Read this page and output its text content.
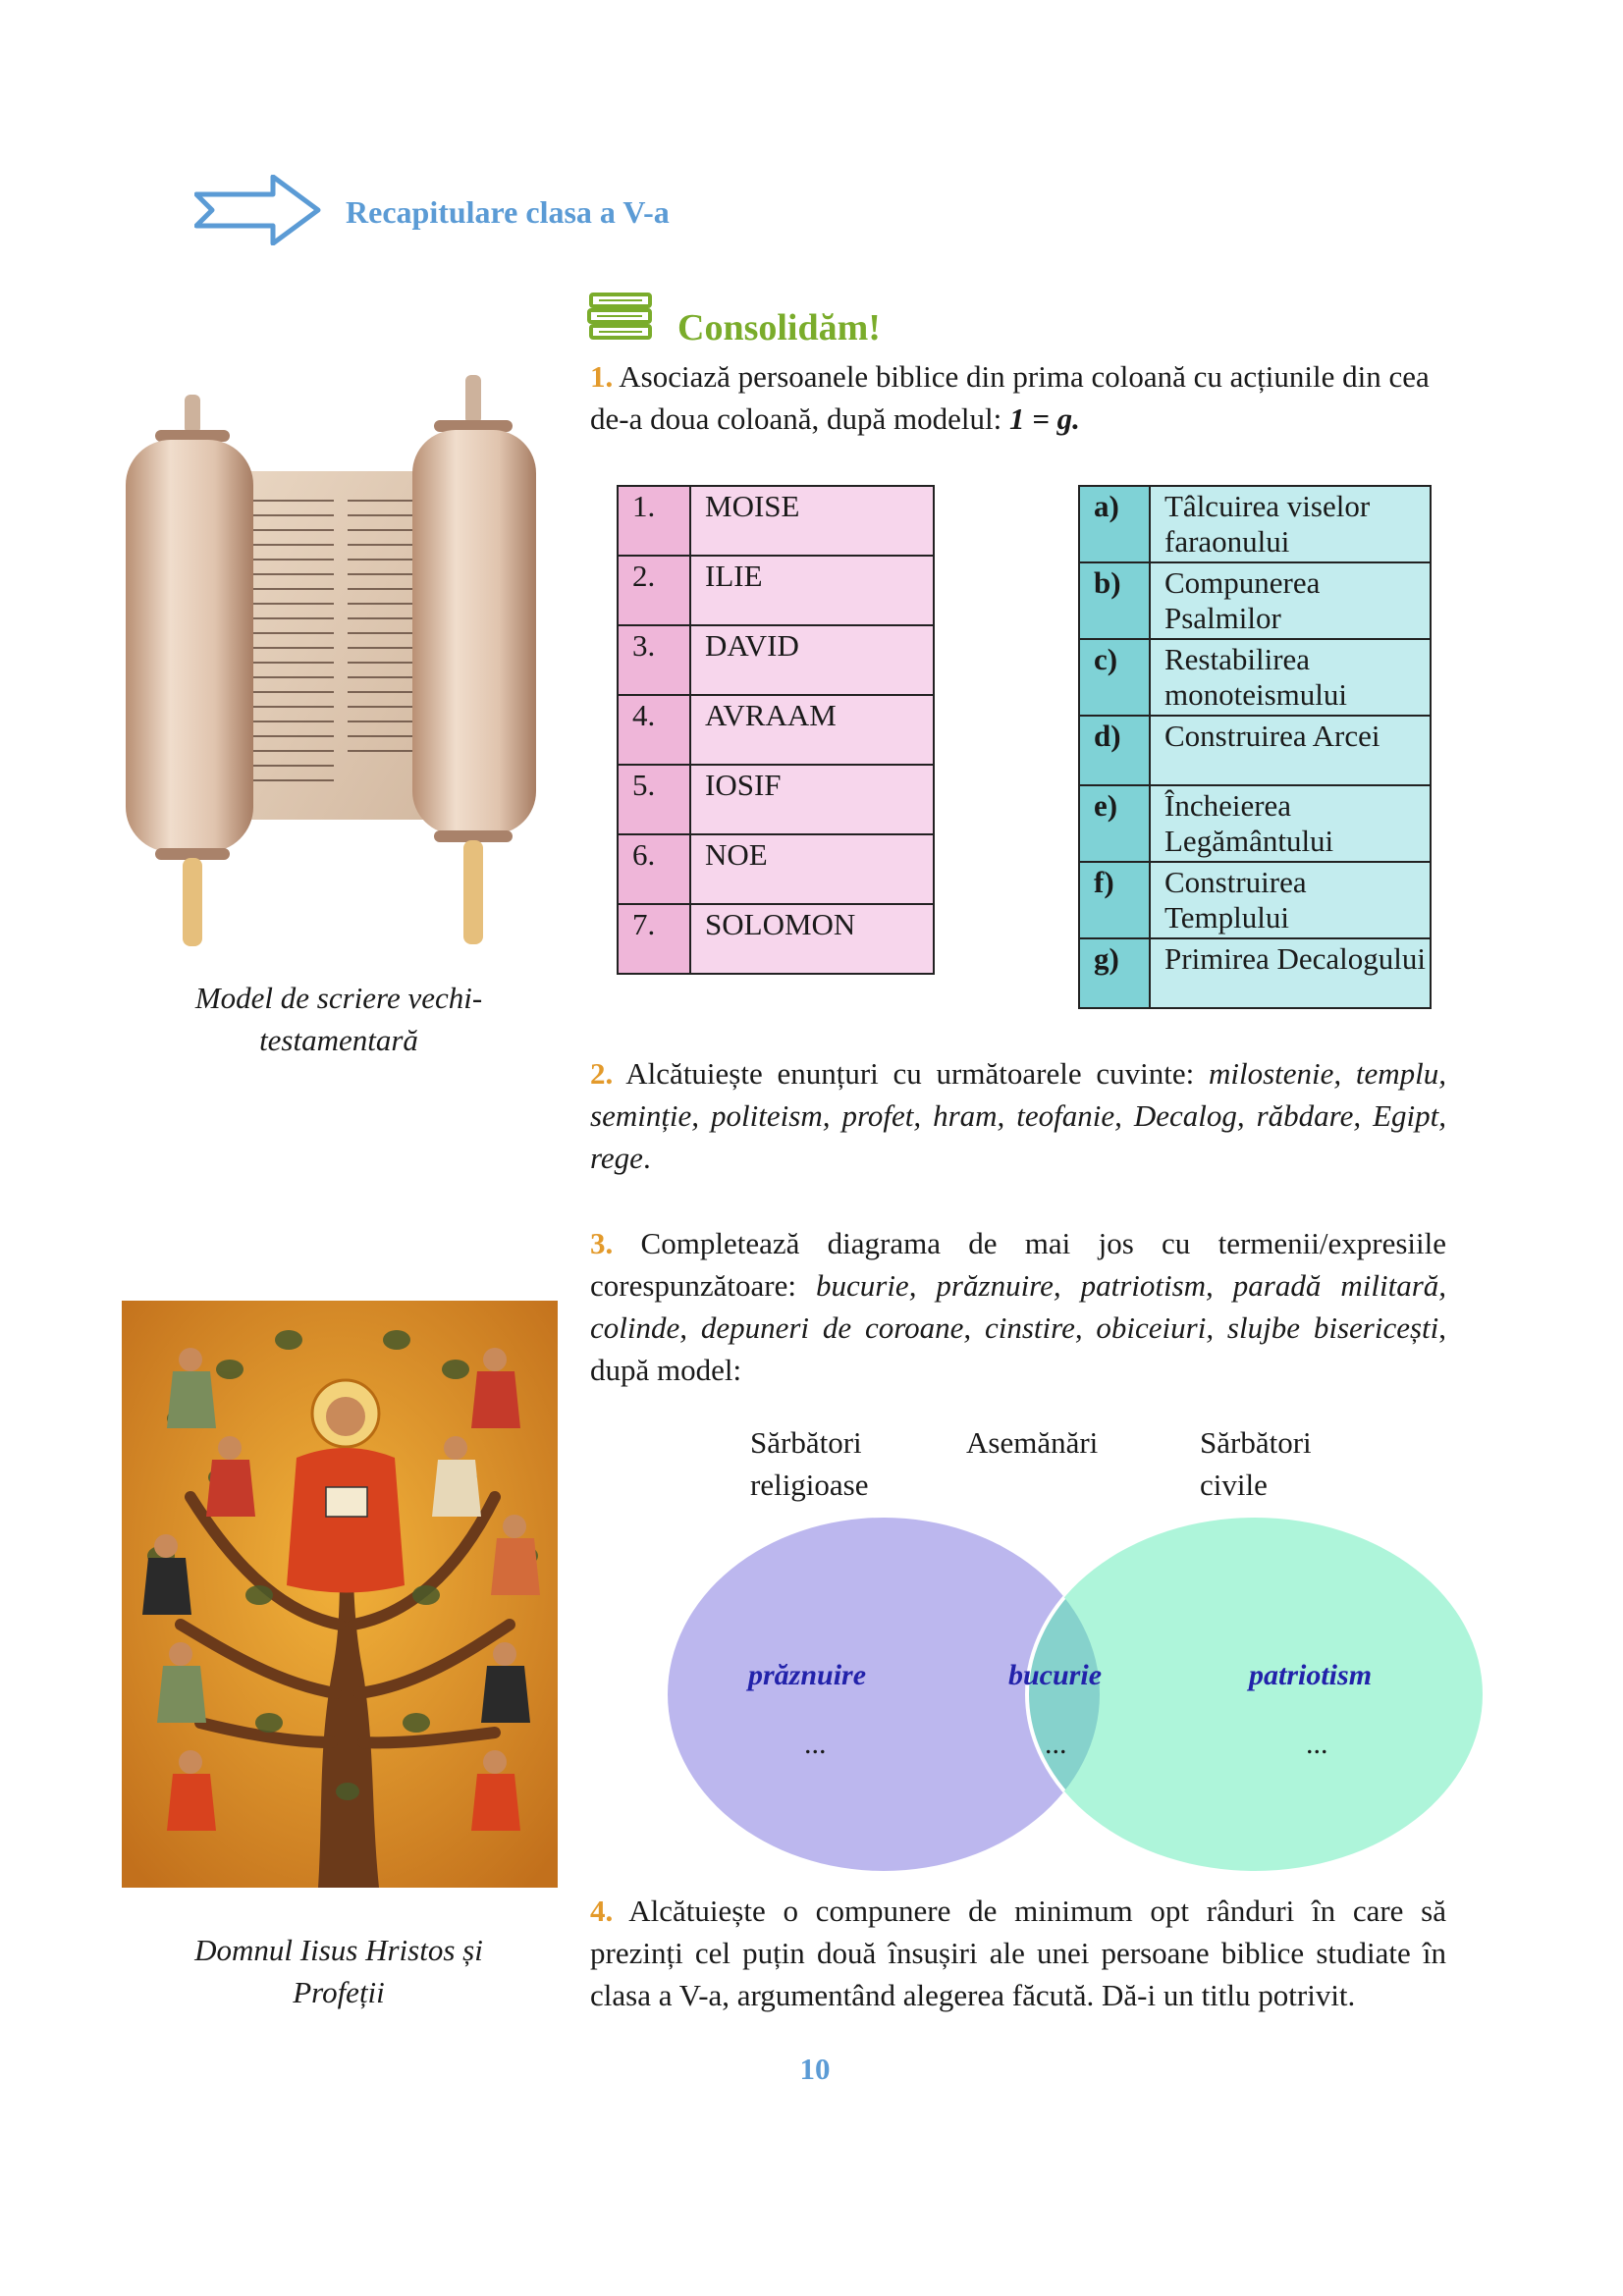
Recapitulare clasa a V-a
Model de scriere vechi-testamentară
Domnul Iisus Hristos și Profeții
Consolidăm!
1. Asociază persoanele biblice din prima coloană cu acțiunile din cea de-a doua coloană, după modelul: 1 = g.
1.	MOISE
2.	ILIE
3.	DAVID
4.	AVRAAM
5.	IOSIF
6.	NOE
7.	SOLOMON
a)	Tâlcuirea viselor faraonului
b)	Compunerea Psalmilor
c)	Restabilirea monoteismului
d)	Construirea Arcei
e)	Încheierea Legământului
f)	Construirea Templului
g)	Primirea Decalogului
2. Alcătuiește enunțuri cu următoarele cuvinte: milostenie, templu, seminție, politeism, profet, hram, teofanie, Decalog, răbdare, Egipt, rege.
3. Completează diagrama de mai jos cu termenii/expresiile corespunzătoare: bucurie, prăznuire, patriotism, paradă militară, colinde, depuneri de coroane, cinstire, obiceiuri, slujbe bisericești, după model:
Sărbători religioase
Asemănări	Sărbători civile
prăznuire	bucurie	patriotism
...	...	...
4. Alcătuiește o compunere de minimum opt rânduri în care să prezinți cel puțin două însușiri ale unei persoane biblice studiate în clasa a V-a, argumentând alegerea făcută. Dă-i un titlu potrivit.
10
